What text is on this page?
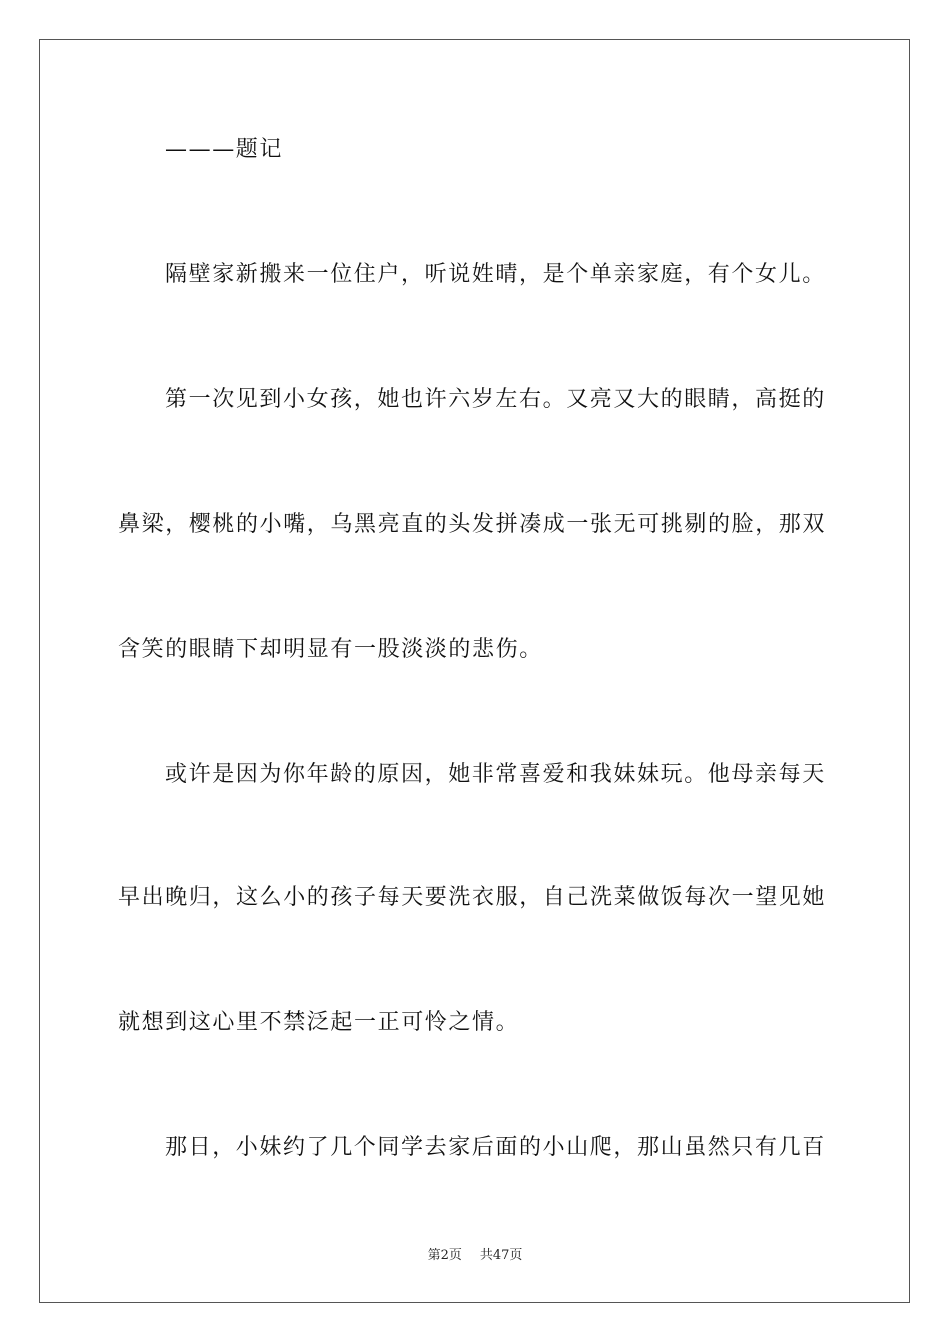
———题记
隔壁家新搬来一位住户，听说姓晴，是个单亲家庭，有个女儿。
第一次见到小女孩，她也许六岁左右。又亮又大的眼睛，高挺的
鼻梁，樱桃的小嘴，乌黑亮直的头发拼凑成一张无可挑剔的脸，那双
含笑的眼睛下却明显有一股淡淡的悲伤。
或许是因为你年龄的原因，她非常喜爱和我妹妹玩。他母亲每天
早出晚归，这么小的孩子每天要洗衣服，自己洗菜做饭每次一望见她
就想到这心里不禁泛起一正可怜之情。
那日，小妹约了几个同学去家后面的小山爬，那山虽然只有几百
第2页 共47页
